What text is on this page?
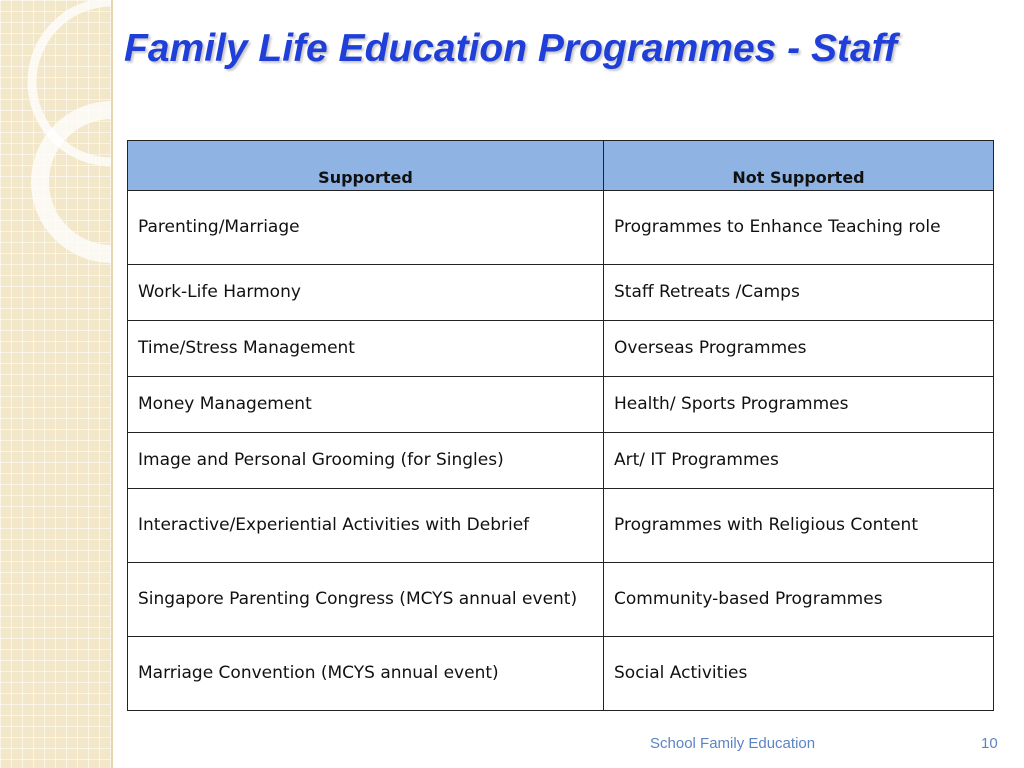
Family Life Education Programmes - Staff
Supported	Not Supported
Parenting/Marriage	Programmes to Enhance Teaching role
Work-Life Harmony	Staff Retreats /Camps
Time/Stress Management	Overseas Programmes
Money Management	Health/ Sports Programmes
Image and Personal Grooming (for Singles)	Art/ IT Programmes
Interactive/Experiential Activities with Debrief	Programmes with Religious Content
Singapore Parenting Congress (MCYS annual event)	Community-based Programmes
Marriage Convention (MCYS annual event)	Social Activities
School Family Education	10
